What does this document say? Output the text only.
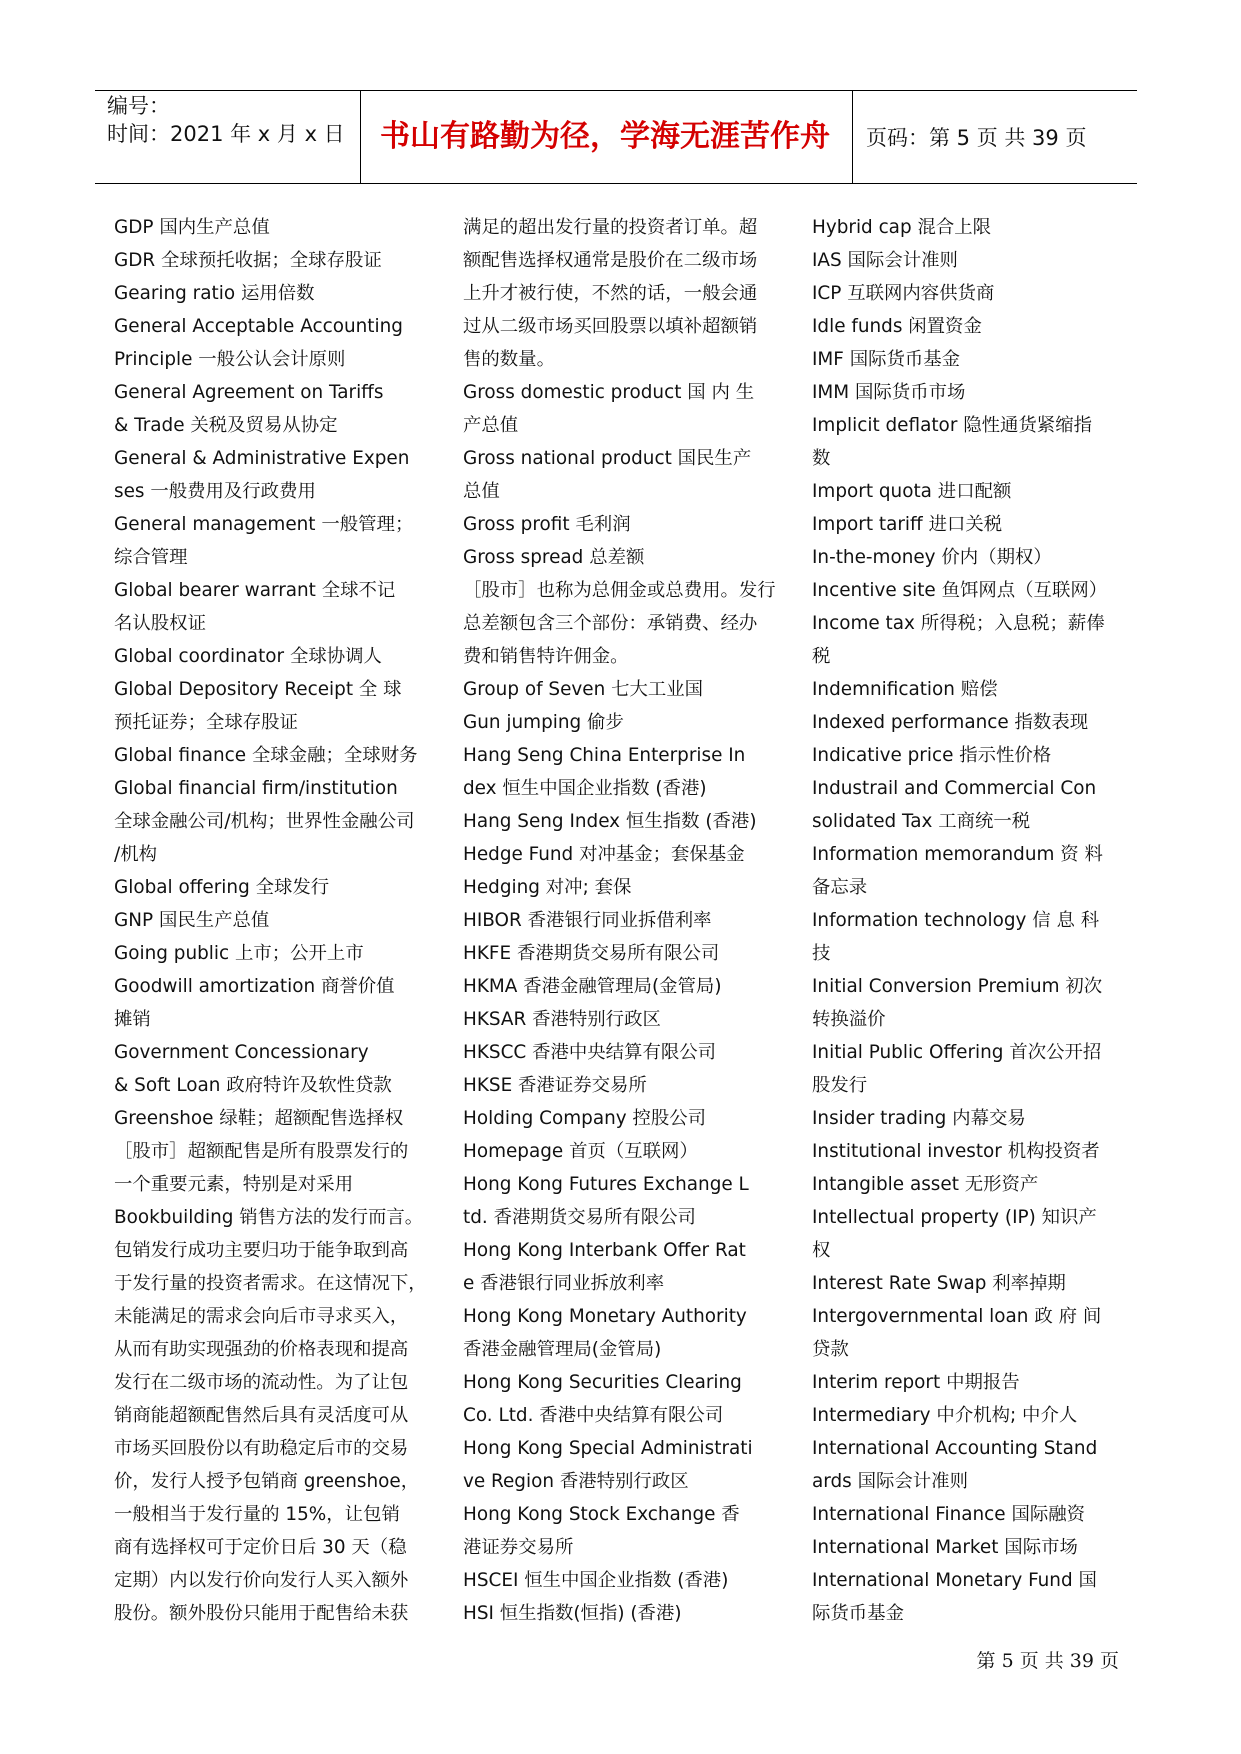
编号：
时间：2021 年 x 月 x 日	书山有路勤为径，学海无涯苦作舟	页码：第 5 页 共 39 页
GDP 国内生产总值
GDR 全球预托收据；全球存股证
Gearing ratio 运用倍数
General Acceptable Accounting
Principle 一般公认会计原则
General Agreement on Tariffs
& Trade 关税及贸易从协定
General & Administrative Expen
ses 一般费用及行政费用
General management 一般管理；
综合管理
Global bearer warrant 全球不记
名认股权证
Global coordinator 全球协调人
Global Depository Receipt 全 球
预托证券；全球存股证
Global finance 全球金融；全球财务
Global financial firm/institution
全球金融公司/机构；世界性金融公司
/机构
Global offering 全球发行
GNP 国民生产总值
Going public 上市；公开上市
Goodwill amortization 商誉价值
摊销
Government Concessionary
& Soft Loan 政府特许及软性贷款
Greenshoe 绿鞋；超额配售选择权
［股市］超额配售是所有股票发行的
一个重要元素，特别是对采用
Bookbuilding 销售方法的发行而言。
包销发行成功主要归功于能争取到高
于发行量的投资者需求。在这情况下，
未能满足的需求会向后市寻求买入，
从而有助实现强劲的价格表现和提高
发行在二级市场的流动性。为了让包
销商能超额配售然后具有灵活度可从
市场买回股份以有助稳定后市的交易
价，发行人授予包销商 greenshoe，
一般相当于发行量的 15%，让包销
商有选择权可于定价日后 30 天（稳
定期）内以发行价向发行人买入额外
股份。额外股份只能用于配售给未获
满足的超出发行量的投资者订单。超
额配售选择权通常是股价在二级市场
上升才被行使，不然的话，一般会通
过从二级市场买回股票以填补超额销
售的数量。
Gross domestic product 国 内 生
产总值
Gross national product 国民生产
总值
Gross profit 毛利润
Gross spread 总差额
［股市］也称为总佣金或总费用。发行
总差额包含三个部份：承销费、经办
费和销售特许佣金。
Group of Seven 七大工业国
Gun jumping 偷步
Hang Seng China Enterprise In
dex 恒生中国企业指数 (香港)
Hang Seng Index 恒生指数 (香港)
Hedge Fund 对冲基金；套保基金
Hedging 对冲; 套保
HIBOR 香港银行同业拆借利率
HKFE 香港期货交易所有限公司
HKMA 香港金融管理局(金管局)
HKSAR 香港特别行政区
HKSCC 香港中央结算有限公司
HKSE 香港证券交易所
Holding Company 控股公司
Homepage 首页（互联网）
Hong Kong Futures Exchange L
td. 香港期货交易所有限公司
Hong Kong Interbank Offer Rat
e 香港银行同业拆放利率
Hong Kong Monetary Authority
香港金融管理局(金管局)
Hong Kong Securities Clearing
Co. Ltd. 香港中央结算有限公司
Hong Kong Special Administrati
ve Region 香港特别行政区
Hong Kong Stock Exchange 香
港证券交易所
HSCEI 恒生中国企业指数 (香港)
HSI 恒生指数(恒指) (香港)
Hybrid cap 混合上限
IAS 国际会计准则
ICP 互联网内容供货商
Idle funds 闲置资金
IMF 国际货币基金
IMM 国际货币市场
Implicit deflator 隐性通货紧缩指
数
Import quota 进口配额
Import tariff 进口关税
In-the-money 价内（期权）
Incentive site 鱼饵网点（互联网）
Income tax 所得税；入息税；薪俸
税
Indemnification 赔偿
Indexed performance 指数表现
Indicative price 指示性价格
Industrail and Commercial Con
solidated Tax 工商统一税
Information memorandum 资 料
备忘录
Information technology 信 息 科
技
Initial Conversion Premium 初次
转换溢价
Initial Public Offering 首次公开招
股发行
Insider trading 内幕交易
Institutional investor 机构投资者
Intangible asset 无形资产
Intellectual property (IP) 知识产
权
Interest Rate Swap 利率掉期
Intergovernmental loan 政 府 间
贷款
Interim report 中期报告
Intermediary 中介机构; 中介人
International Accounting Stand
ards 国际会计准则
International Finance 国际融资
International Market 国际市场
International Monetary Fund 国
际货币基金
第 5 页 共 39 页
